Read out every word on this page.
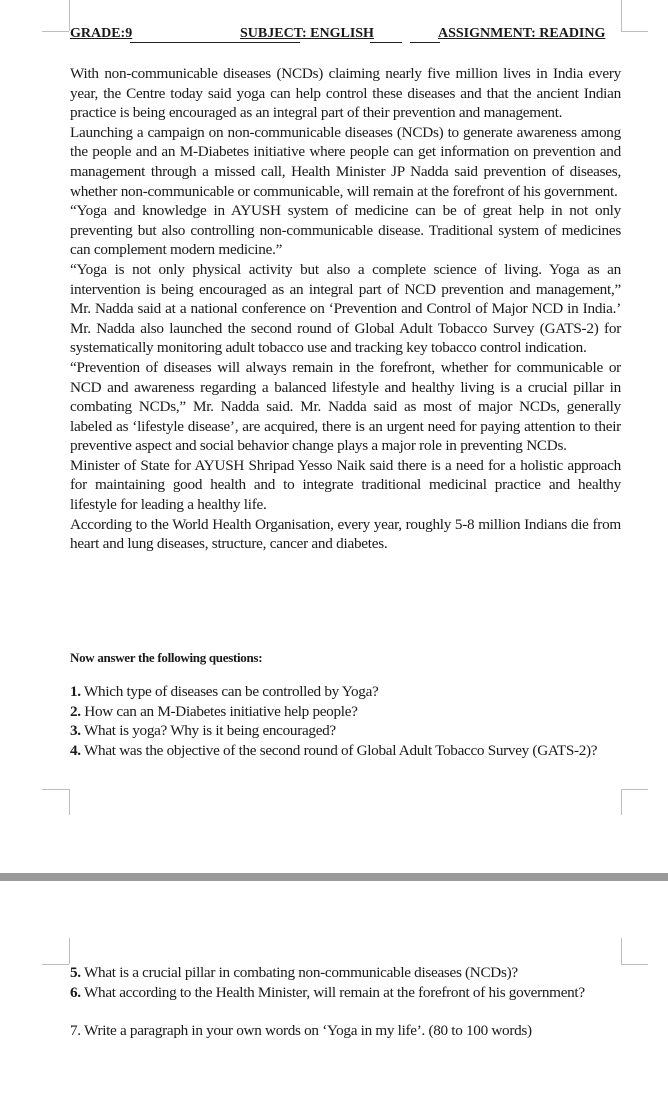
GRADE:9	SUBJECT: ENGLISH	ASSIGNMENT: READING

With non-communicable diseases (NCDs) claiming nearly five million lives in India every year, the Centre today said yoga can help control these diseases and that the ancient Indian practice is being encouraged as an integral part of their prevention and management.

Launching a campaign on non-communicable diseases (NCDs) to generate awareness among the people and an M-Diabetes initiative where people can get information on prevention and management through a missed call, Health Minister JP Nadda said prevention of diseases, whether non-communicable or communicable, will remain at the forefront of his government.

“Yoga and knowledge in AYUSH system of medicine can be of great help in not only preventing but also controlling non-communicable disease. Traditional system of medicines can complement modern medicine.”

“Yoga is not only physical activity but also a complete science of living. Yoga as an intervention is being encouraged as an integral part of NCD prevention and management,” Mr. Nadda said at a national conference on ‘Prevention and Control of Major NCD in India.’ Mr. Nadda also launched the second round of Global Adult Tobacco Survey (GATS-2) for systematically monitoring adult tobacco use and tracking key tobacco control indication.

“Prevention of diseases will always remain in the forefront, whether for communicable or NCD and awareness regarding a balanced lifestyle and healthy living is a crucial pillar in combating NCDs,” Mr. Nadda said. Mr. Nadda said as most of major NCDs, generally labeled as ‘lifestyle disease’, are acquired, there is an urgent need for paying attention to their preventive aspect and social behavior change plays a major role in preventing NCDs.

Minister of State for AYUSH Shripad Yesso Naik said there is a need for a holistic approach for maintaining good health and to integrate traditional medicinal practice and healthy lifestyle for leading a healthy life.

According to the World Health Organisation, every year, roughly 5-8 million Indians die from heart and lung diseases, structure, cancer and diabetes.

Now answer the following questions:
1. Which type of diseases can be controlled by Yoga?
2. How can an M-Diabetes initiative help people?
3. What is yoga? Why is it being encouraged?
4. What was the objective of the second round of Global Adult Tobacco Survey (GATS-2)?
5. What is a crucial pillar in combating non-communicable diseases (NCDs)?
6. What according to the Health Minister, will remain at the forefront of his government?
7. Write a paragraph in your own words on ‘Yoga in my life’. (80 to 100 words)
